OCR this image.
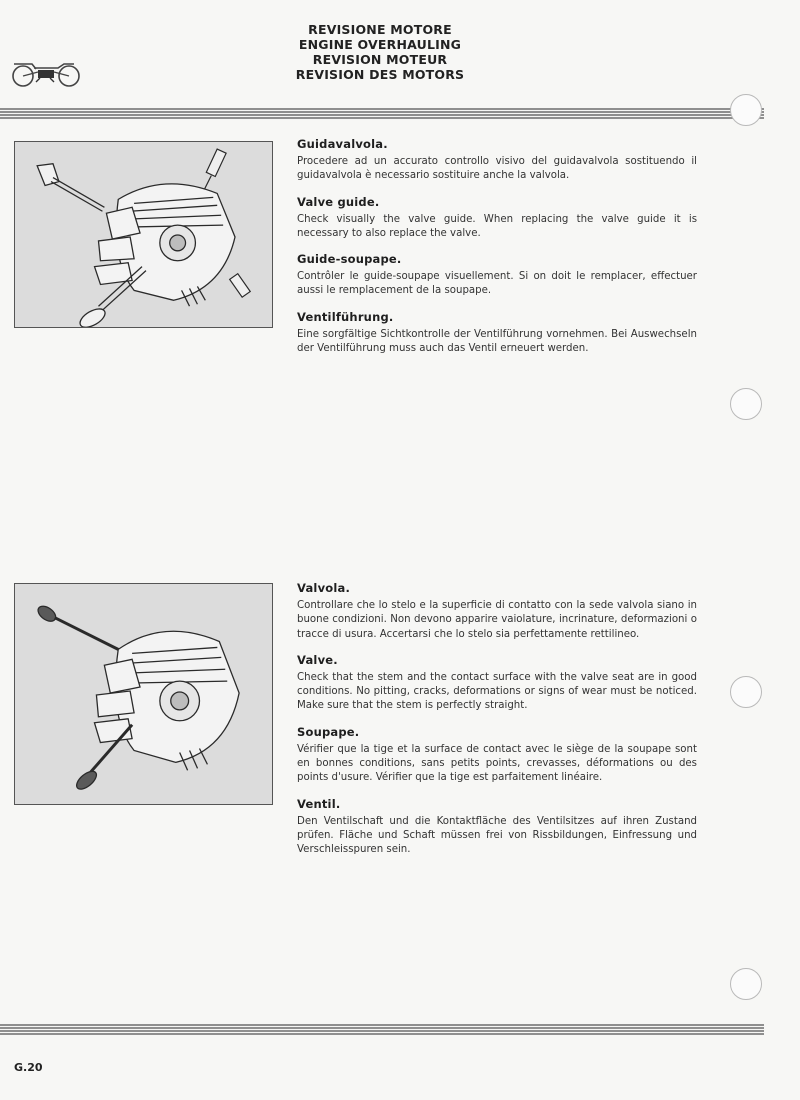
REVISIONE MOTORE
ENGINE OVERHAULING
REVISION MOTEUR
REVISION DES MOTORS
Guidavalvola.

Procedere ad un accurato controllo visivo del guidavalvola sostituendo il guidavalvola è necessario sostituire anche la valvola.

Valve guide.

Check visually the valve guide. When replacing the valve guide it is necessary to also replace the valve.

Guide-soupape.

Contrôler le guide-soupape visuellement. Si on doit le remplacer, effectuer aussi le remplacement de la soupape.

Ventilführung.

Eine sorgfältige Sichtkontrolle der Ventilführung vornehmen. Bei Auswechseln der Ventilführung muss auch das Ventil erneuert werden.

Valvola.

Controllare che lo stelo e la superficie di contatto con la sede valvola siano in buone condizioni. Non devono apparire vaiolature, incrinature, deformazioni o tracce di usura. Accertarsi che lo stelo sia perfettamente rettilineo.

Valve.

Check that the stem and the contact surface with the valve seat are in good conditions. No pitting, cracks, deformations or signs of wear must be noticed. Make sure that the stem is perfectly straight.

Soupape.

Vérifier que la tige et la surface de contact avec le siège de la soupape sont en bonnes conditions, sans petits points, crevasses, déformations ou des points d'usure. Vérifier que la tige est parfaitement linéaire.

Ventil.

Den Ventilschaft und die Kontaktfläche des Ventilsitzes auf ihren Zustand prüfen. Fläche und Schaft müssen frei von Rissbildungen, Einfressung und Verschleisspuren sein.

G.20
